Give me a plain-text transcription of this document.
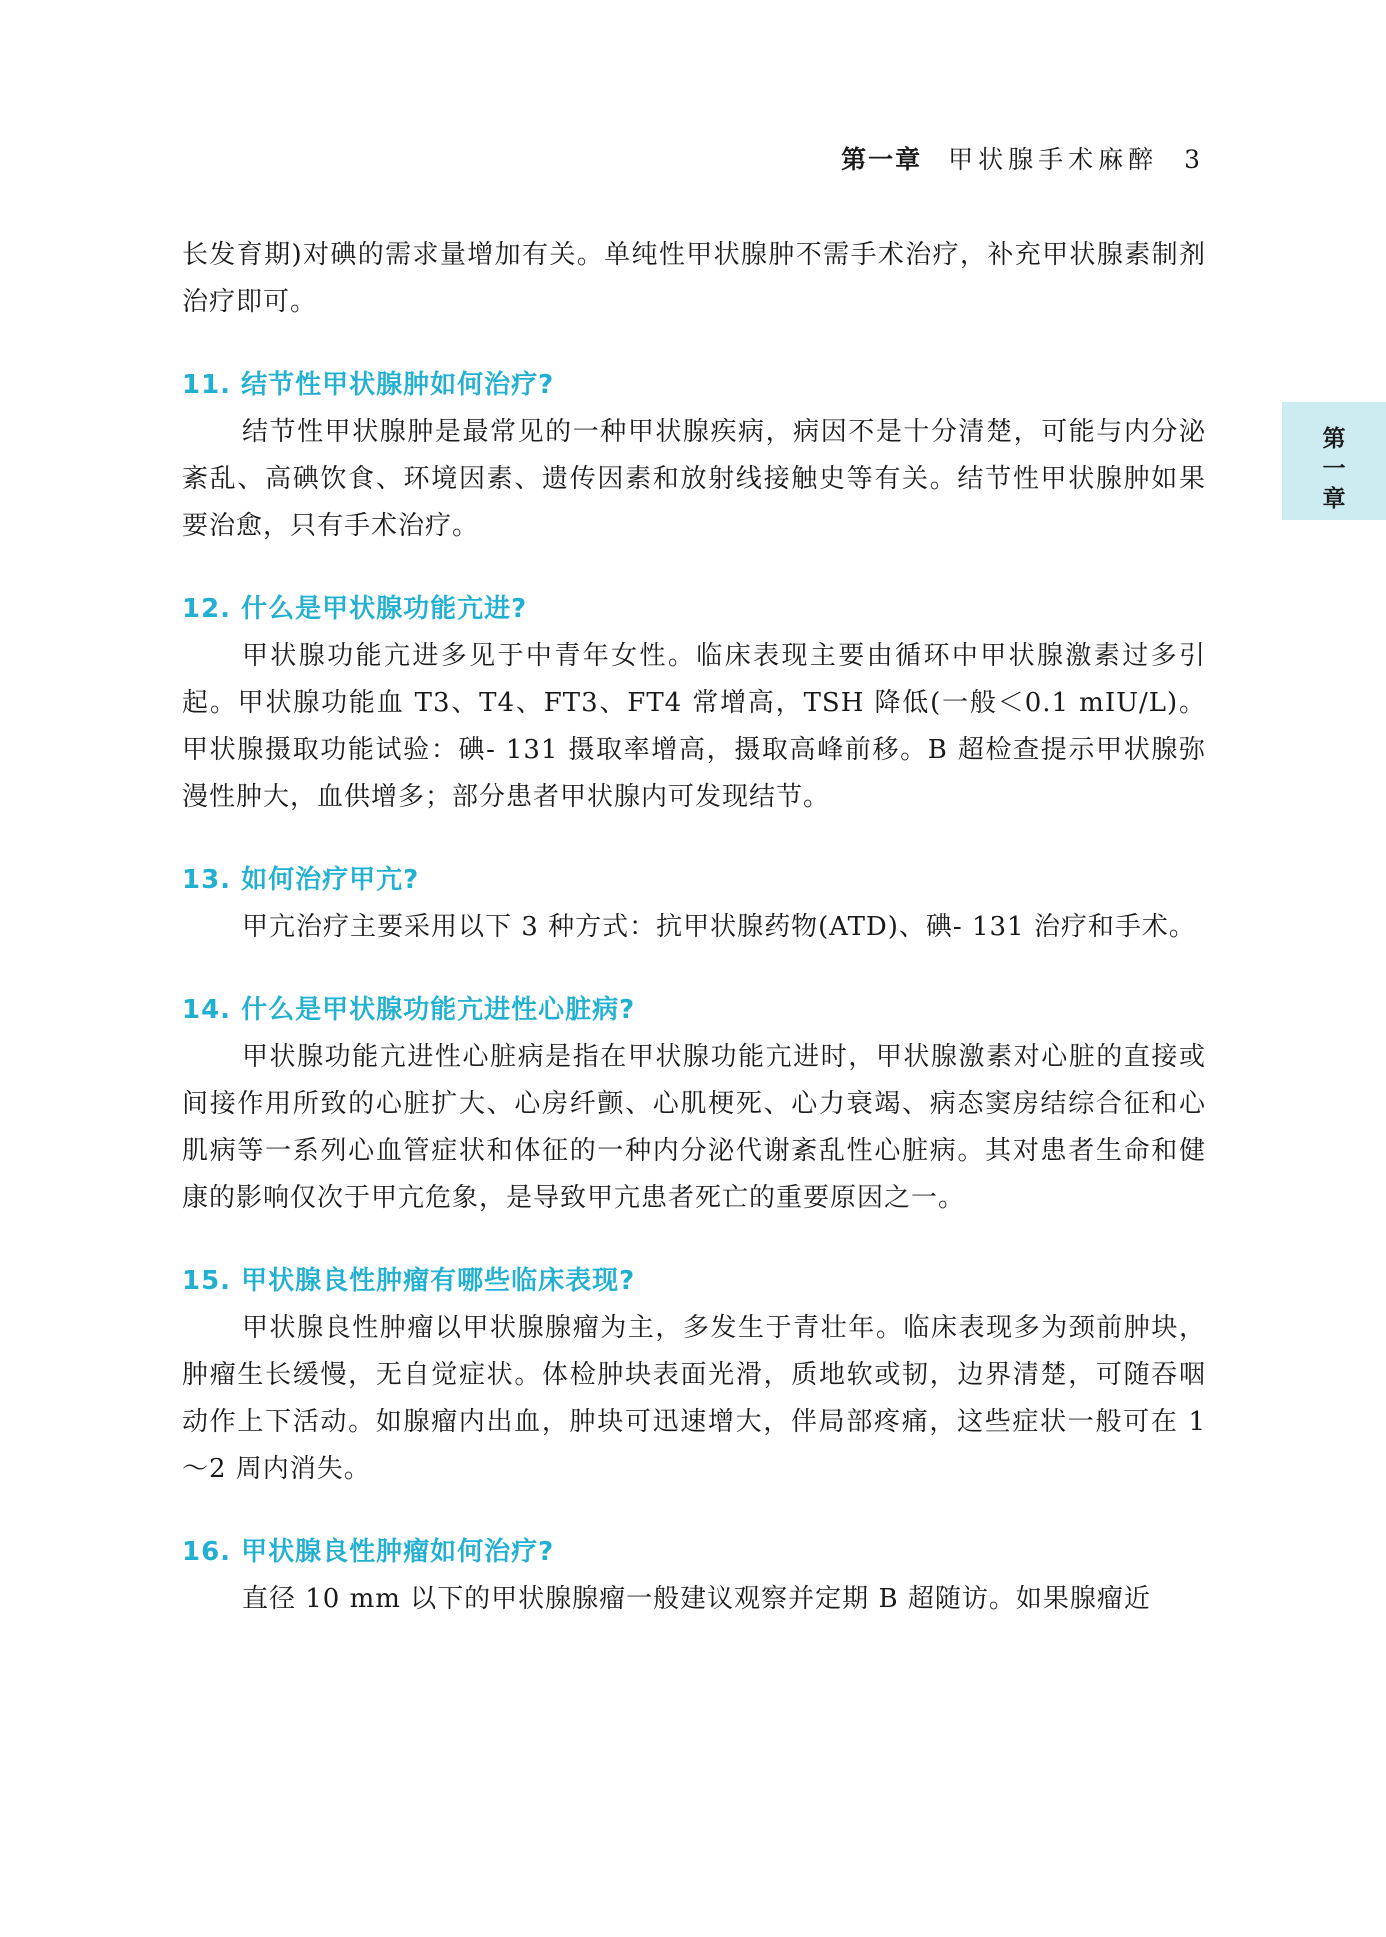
第一章 甲状腺手术麻醉 3
第
一
章

长发育期)对碘的需求量增加有关。单纯性甲状腺肿不需手术治疗，补充甲状腺素制剂治疗即可。

11. 结节性甲状腺肿如何治疗?

结节性甲状腺肿是最常见的一种甲状腺疾病，病因不是十分清楚，可能与内分泌紊乱、高碘饮食、环境因素、遗传因素和放射线接触史等有关。结节性甲状腺肿如果要治愈，只有手术治疗。

12. 什么是甲状腺功能亢进?

甲状腺功能亢进多见于中青年女性。临床表现主要由循环中甲状腺激素过多引起。甲状腺功能血 T3、T4、FT3、FT4 常增高，TSH 降低(一般＜0.1 mIU/L)。甲状腺摄取功能试验：碘- 131 摄取率增高，摄取高峰前移。B 超检查提示甲状腺弥漫性肿大，血供增多；部分患者甲状腺内可发现结节。

13. 如何治疗甲亢?

甲亢治疗主要采用以下 3 种方式：抗甲状腺药物(ATD)、碘- 131 治疗和手术。

14. 什么是甲状腺功能亢进性心脏病?

甲状腺功能亢进性心脏病是指在甲状腺功能亢进时，甲状腺激素对心脏的直接或间接作用所致的心脏扩大、心房纤颤、心肌梗死、心力衰竭、病态窦房结综合征和心肌病等一系列心血管症状和体征的一种内分泌代谢紊乱性心脏病。其对患者生命和健康的影响仅次于甲亢危象，是导致甲亢患者死亡的重要原因之一。

15. 甲状腺良性肿瘤有哪些临床表现?

甲状腺良性肿瘤以甲状腺腺瘤为主，多发生于青壮年。临床表现多为颈前肿块，肿瘤生长缓慢，无自觉症状。体检肿块表面光滑，质地软或韧，边界清楚，可随吞咽动作上下活动。如腺瘤内出血，肿块可迅速增大，伴局部疼痛，这些症状一般可在 1～2 周内消失。

16. 甲状腺良性肿瘤如何治疗?

直径 10 mm 以下的甲状腺腺瘤一般建议观察并定期 B 超随访。如果腺瘤近
